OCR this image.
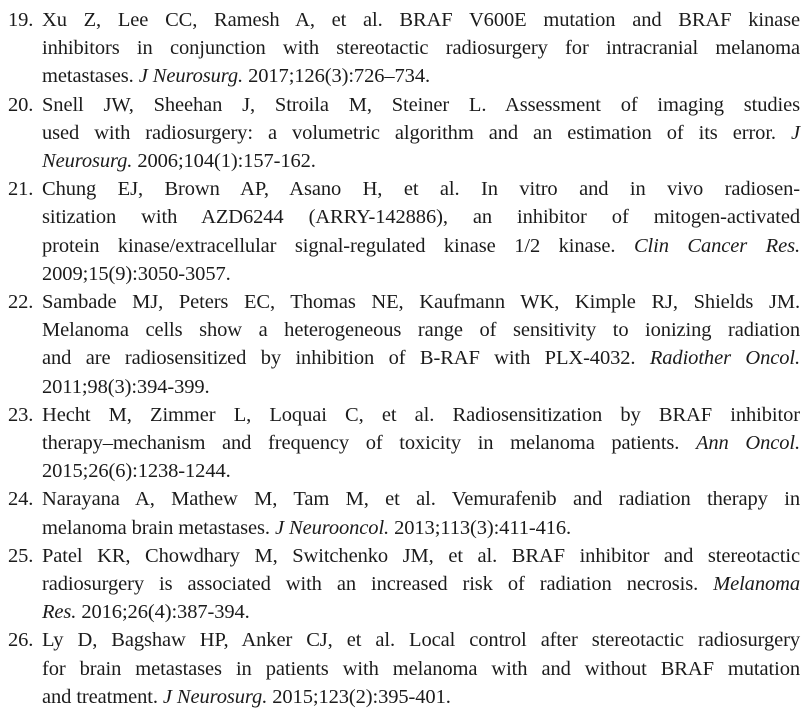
19. Xu Z, Lee CC, Ramesh A, et al. BRAF V600E mutation and BRAF kinase
inhibitors in conjunction with stereotactic radiosurgery for intracranial melanoma
metastases. J Neurosurg. 2017;126(3):726–734.
20. Snell JW, Sheehan J, Stroila M, Steiner L. Assessment of imaging studies
used with radiosurgery: a volumetric algorithm and an estimation of its error. J
Neurosurg. 2006;104(1):157-162.
21. Chung EJ, Brown AP, Asano H, et al. In vitro and in vivo radiosen-
sitization with AZD6244 (ARRY-142886), an inhibitor of mitogen-activated
protein kinase/extracellular signal-regulated kinase 1/2 kinase. Clin Cancer Res.
2009;15(9):3050-3057.
22. Sambade MJ, Peters EC, Thomas NE, Kaufmann WK, Kimple RJ, Shields JM.
Melanoma cells show a heterogeneous range of sensitivity to ionizing radiation
and are radiosensitized by inhibition of B-RAF with PLX-4032. Radiother Oncol.
2011;98(3):394-399.
23. Hecht M, Zimmer L, Loquai C, et al. Radiosensitization by BRAF inhibitor
therapy–mechanism and frequency of toxicity in melanoma patients. Ann Oncol.
2015;26(6):1238-1244.
24. Narayana A, Mathew M, Tam M, et al. Vemurafenib and radiation therapy in
melanoma brain metastases. J Neurooncol. 2013;113(3):411-416.
25. Patel KR, Chowdhary M, Switchenko JM, et al. BRAF inhibitor and stereotactic
radiosurgery is associated with an increased risk of radiation necrosis. Melanoma
Res. 2016;26(4):387-394.
26. Ly D, Bagshaw HP, Anker CJ, et al. Local control after stereotactic radiosurgery
for brain metastases in patients with melanoma with and without BRAF mutation
and treatment. J Neurosurg. 2015;123(2):395-401.
